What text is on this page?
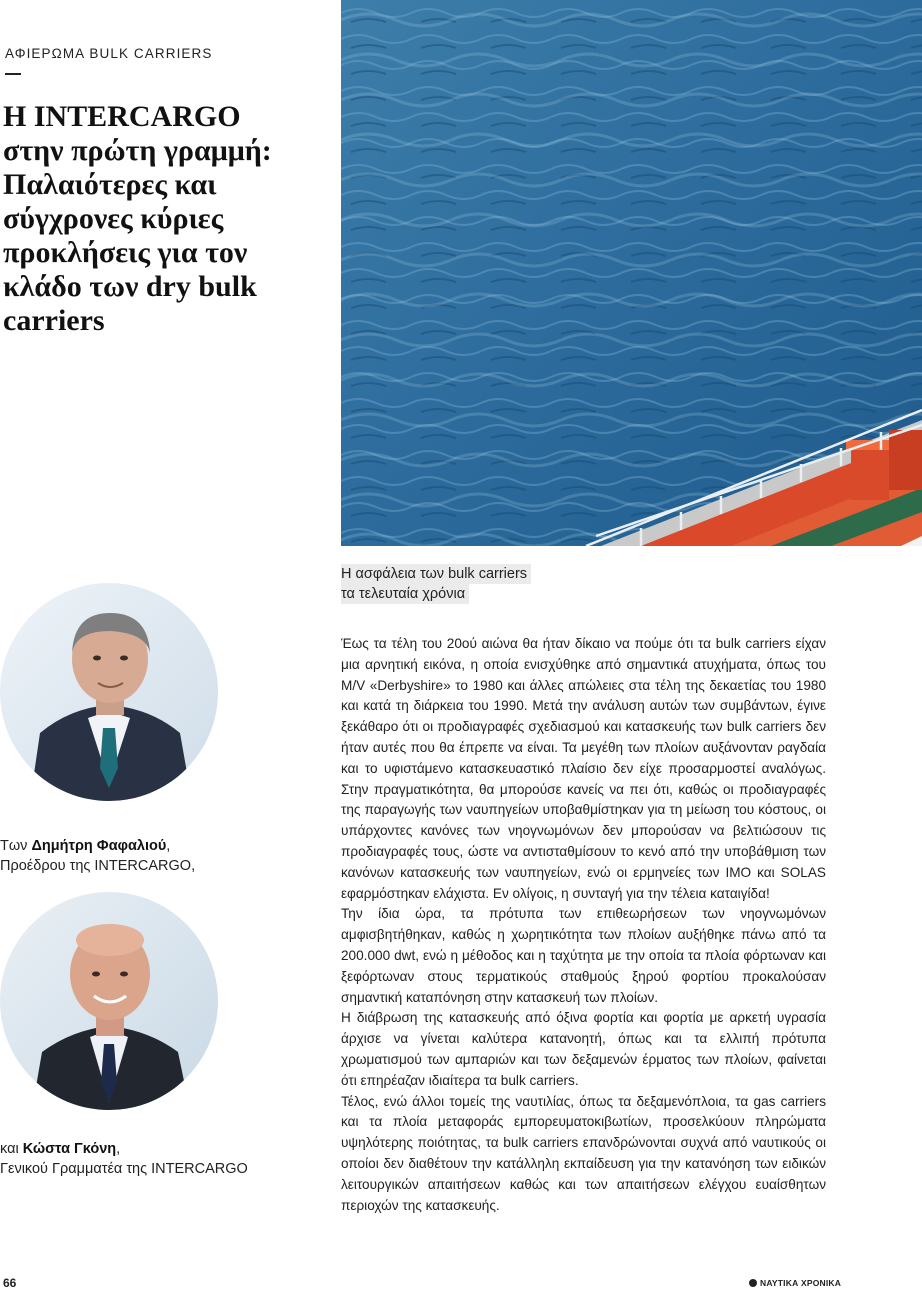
ΑΦΙΕΡΩΜΑ BULK CARRIERS
Η INTERCARGO
στην πρώτη γραμμή:
Παλαιότερες και
σύγχρονες κύριες
προκλήσεις για τον
κλάδο των dry bulk
carriers
Η ασφάλεια των bulk carriers
τα τελευταία χρόνια
Των Δημήτρη Φαφαλιού,
Προέδρου της INTERCARGO,
και Κώστα Γκόνη,
Γενικού Γραμματέα της INTERCARGO

Έως τα τέλη του 20ού αιώνα θα ήταν δίκαιο να πούμε ότι τα bulk carriers είχαν μια αρνητική εικόνα, η οποία ενισχύθηκε από σημαντικά ατυχήματα, όπως του M/V «Derbyshire» το 1980 και άλλες απώλειες στα τέλη της δεκαετίας του 1980 και κατά τη διάρκεια του 1990. Μετά την ανάλυση αυτών των συμβάντων, έγινε ξεκάθαρο ότι οι προδιαγραφές σχεδιασμού και κατασκευής των bulk carriers δεν ήταν αυτές που θα έπρεπε να είναι. Τα μεγέθη των πλοίων αυξάνονταν ραγδαία και το υφιστάμενο κατασκευαστικό πλαίσιο δεν είχε προσαρμοστεί αναλόγως. Στην πραγματικότητα, θα μπορούσε κανείς να πει ότι, καθώς οι προδιαγραφές της παραγωγής των ναυπηγείων υποβαθμίστηκαν για τη μείωση του κόστους, οι υπάρχοντες κανόνες των νηογνωμόνων δεν μπορούσαν να βελτιώσουν τις προδιαγραφές τους, ώστε να αντισταθμίσουν το κενό από την υποβάθμιση των κανόνων κατασκευής των ναυπηγείων, ενώ οι ερμηνείες των IMO και SOLAS εφαρμόστηκαν ελάχιστα. Εν ολίγοις, η συνταγή για την τέλεια καταιγίδα!

Την ίδια ώρα, τα πρότυπα των επιθεωρήσεων των νηογνωμόνων αμφισβητήθηκαν, καθώς η χωρητικότητα των πλοίων αυξήθηκε πάνω από τα 200.000 dwt, ενώ η μέθοδος και η ταχύτητα με την οποία τα πλοία φόρτωναν και ξεφόρτωναν στους τερματικούς σταθμούς ξηρού φορτίου προκαλούσαν σημαντική καταπόνηση στην κατασκευή των πλοίων.

Η διάβρωση της κατασκευής από όξινα φορτία και φορτία με αρκετή υγρασία άρχισε να γίνεται καλύτερα κατανοητή, όπως και τα ελλιπή πρότυπα χρωματισμού των αμπαριών και των δεξαμενών έρματος των πλοίων, φαίνεται ότι επηρέαζαν ιδιαίτερα τα bulk carriers.

Τέλος, ενώ άλλοι τομείς της ναυτιλίας, όπως τα δεξαμενόπλοια, τα gas carriers και τα πλοία μεταφοράς εμπορευματοκιβωτίων, προσελκύουν πληρώματα υψηλότερης ποιότητας, τα bulk carriers επανδρώνονται συχνά από ναυτικούς οι οποίοι δεν διαθέτουν την κατάλληλη εκπαίδευση για την κατανόηση των ειδικών λειτουργικών απαιτήσεων καθώς και των απαιτήσεων ελέγχου ευαίσθητων περιοχών της κατασκευής.

66	ΝΑΥΤΙΚΑ ΧΡΟΝΙΚΑ
